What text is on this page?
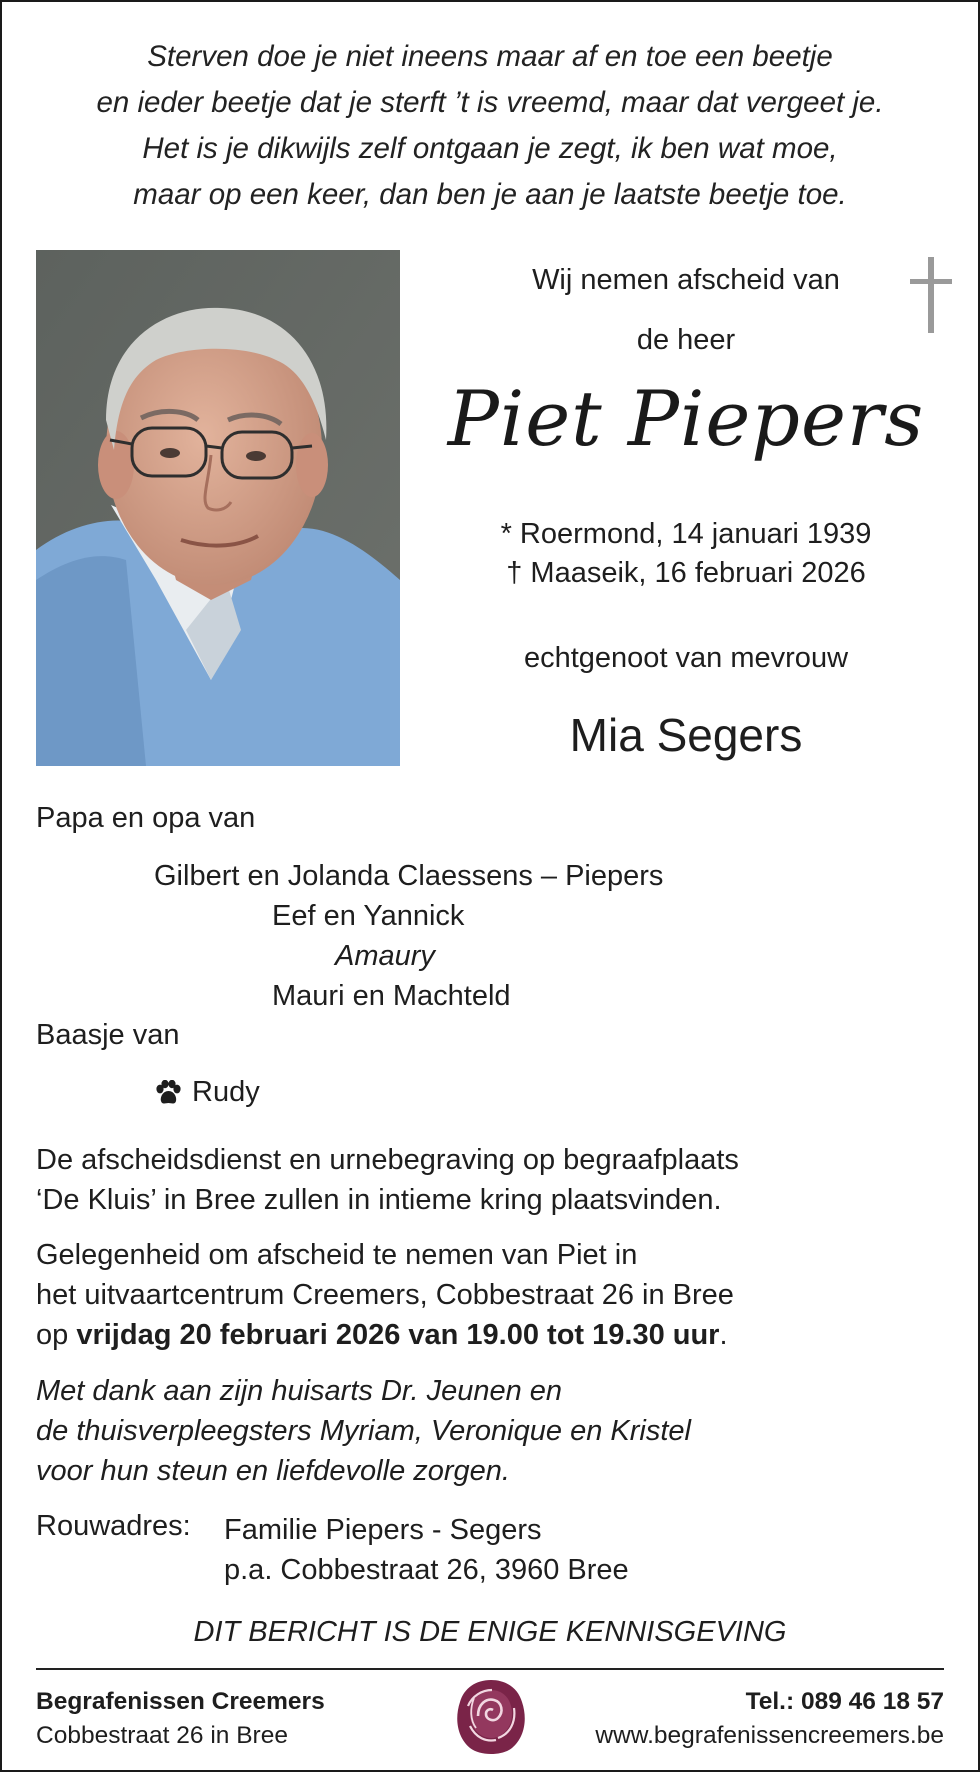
Sterven doe je niet ineens maar af en toe een beetje
en ieder beetje dat je sterft ’t is vreemd, maar dat vergeet je.
Het is je dikwijls zelf ontgaan je zegt, ik ben wat moe,
maar op een keer, dan ben je aan je laatste beetje toe.
Wij nemen afscheid van
de heer
Piet Piepers
* Roermond, 14 januari 1939
† Maaseik, 16 februari 2026
echtgenoot van mevrouw
Mia Segers
Papa en opa van
Gilbert en Jolanda Claessens – Piepers
Eef en Yannick
Amaury
Mauri en Machteld
Baasje van
Rudy
De afscheidsdienst en urnebegraving op begraafplaats
‘De Kluis’ in Bree zullen in intieme kring plaatsvinden.
Gelegenheid om afscheid te nemen van Piet in
het uitvaartcentrum Creemers, Cobbestraat 26 in Bree
op vrijdag 20 februari 2026 van 19.00 tot 19.30 uur.
Met dank aan zijn huisarts Dr. Jeunen en
de thuisverpleegsters Myriam, Veronique en Kristel
voor hun steun en liefdevolle zorgen.
Rouwadres: Familie Piepers - Segers
p.a. Cobbestraat 26, 3960 Bree
DIT BERICHT IS DE ENIGE KENNISGEVING
Begrafenissen Creemers
Cobbestraat 26 in Bree
Tel.: 089 46 18 57
www.begrafenissencreemers.be
